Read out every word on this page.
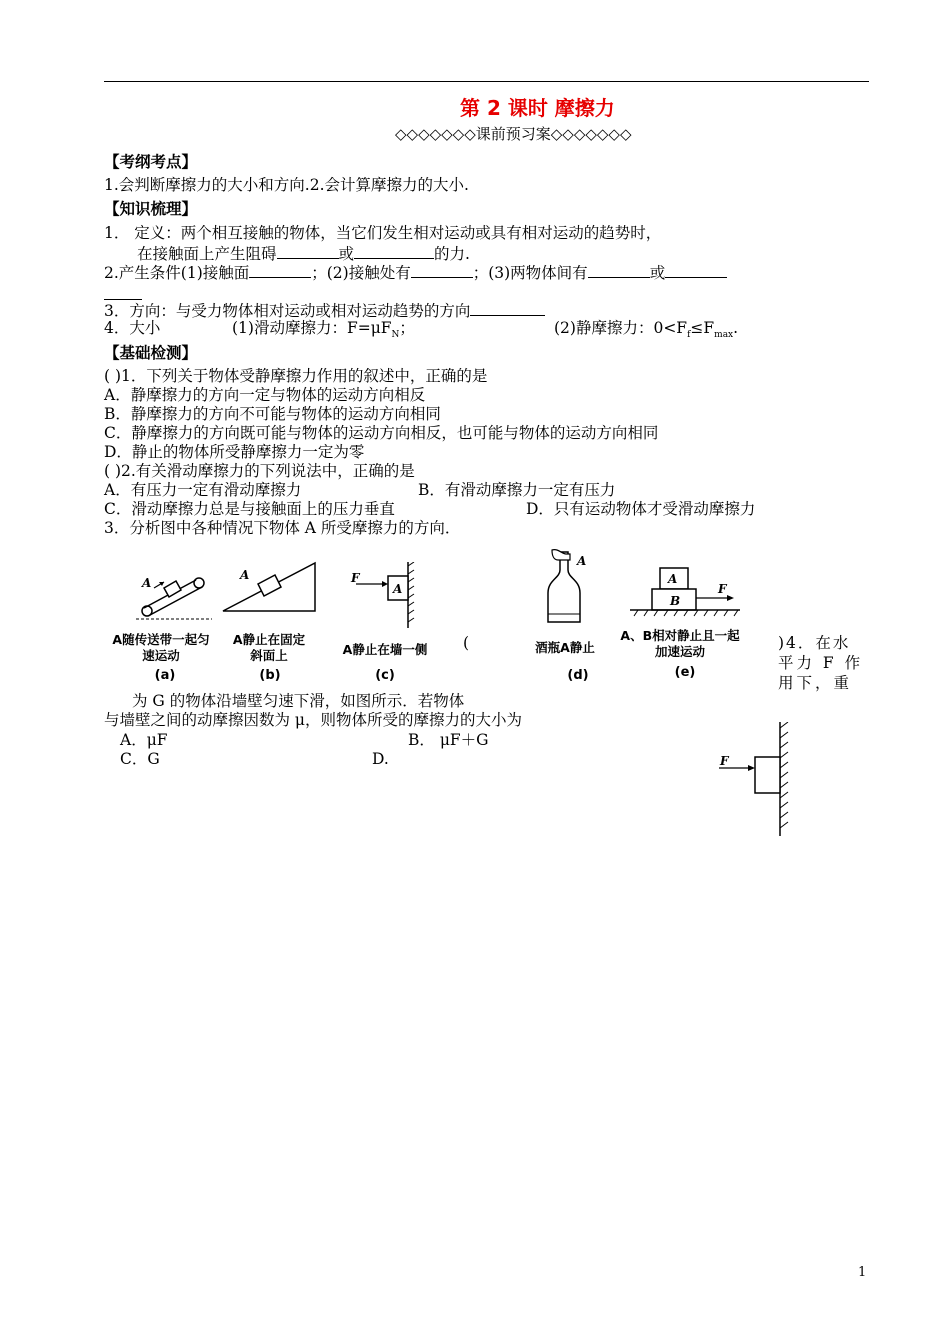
第 2 课时 摩擦力
◇◇◇◇◇◇◇课前预习案◇◇◇◇◇◇◇
【考纲考点】
1.会判断摩擦力的大小和方向.2.会计算摩擦力的大小.
【知识梳理】
1． 定义：两个相互接触的物体，当它们发生相对运动或具有相对运动的趋势时，
在接触面上产生阻碍	或	的力.
2.产生条件(1)接触面	；(2)接触处有	；(3)两物体间有	或
3．方向：与受力物体相对运动或相对运动趋势的方向
4．大小	(1)滑动摩擦力：$F=\mu F_N$；	(2)静摩擦力：$0<F_f\le F_{max}$.
【基础检测】
( )1．下列关于物体受静摩擦力作用的叙述中，正确的是
A．静摩擦力的方向一定与物体的运动方向相反
B．静摩擦力的方向不可能与物体的运动方向相同
C．静摩擦力的方向既可能与物体的运动方向相反，也可能与物体的运动方向相同
D．静止的物体所受静摩擦力一定为零
( )2.有关滑动摩擦力的下列说法中，正确的是
A．有压力一定有滑动摩擦力	B．有滑动摩擦力一定有压力
C．滑动摩擦力总是与接触面上的压力垂直	D．只有运动物体才受滑动摩擦力
3．分析图中各种情况下物体 A 所受摩擦力的方向．
A
A	F
A
A
A
B
F
A随传送带一起匀速运动
A静止在固定斜面上	A静止在墙一侧	(	酒瓶A静止
A、B相对静止且一起加速运动
(a)	(b)	(c)	(d)	(e)
)4．在水
平力 F 作
用下，重
为 G 的物体沿墙壁匀速下滑，如图所示．若物体
与墙壁之间的动摩擦因数为 μ，则物体所受的摩擦力的大小为
A．μF	B． μF＋G
C．G	D.	F
1
